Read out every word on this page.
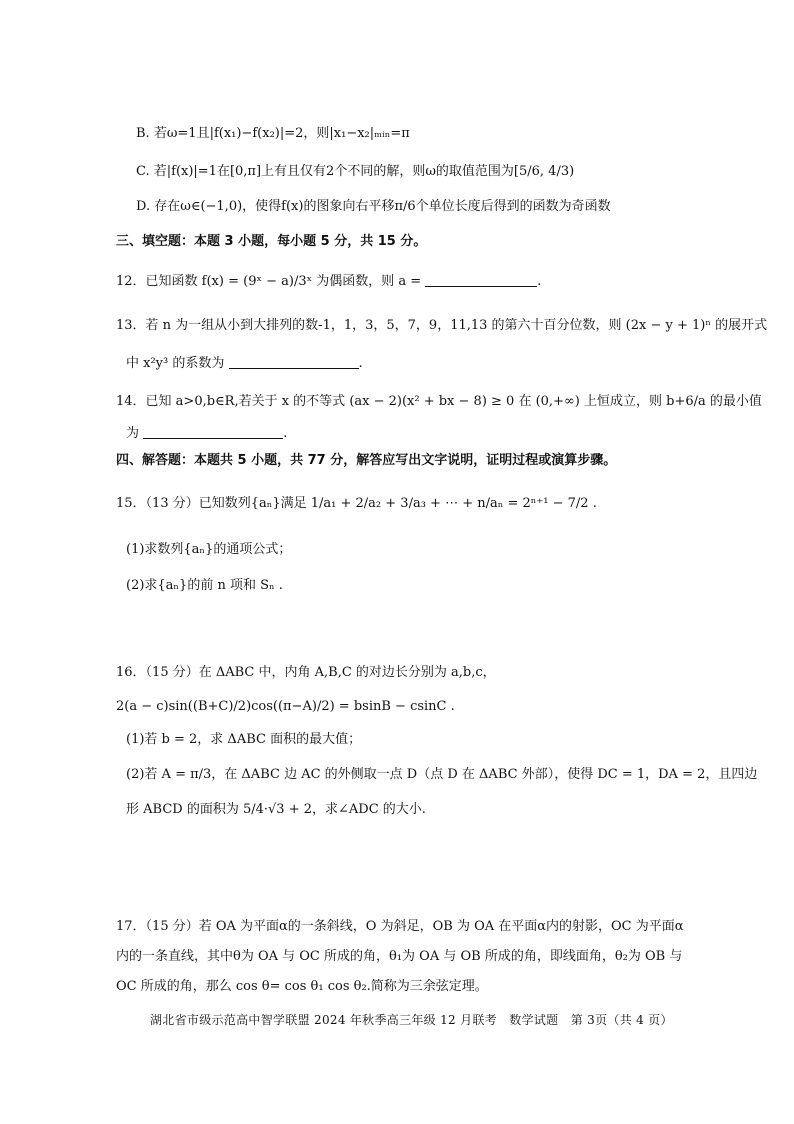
B. 若ω=1且|f(x₁)−f(x₂)|=2，则|x₁−x₂|ₘᵢₙ=π
C. 若|f(x)|=1在[0,π]上有且仅有2个不同的解，则ω的取值范围为[5/6, 4/3)
D. 存在ω∈(−1,0)，使得f(x)的图象向右平移π/6个单位长度后得到的函数为奇函数
三、填空题：本题 3 小题，每小题 5 分，共 15 分。
12．已知函数 f(x) = (9ˣ − a)/3ˣ 为偶函数，则 a =	.
13．若 n 为一组从小到大排列的数-1，1，3，5，7，9，11,13 的第六十百分位数，则 (2x − y + 1)ⁿ 的展开式
中 x²y³ 的系数为	.
14．已知 a>0,b∈R,若关于 x 的不等式 (ax − 2)(x² + bx − 8) ≥ 0 在 (0,+∞) 上恒成立，则 b+6/a 的最小值
为	.
四、解答题：本题共 5 小题，共 77 分，解答应写出文字说明，证明过程或演算步骤。
15．（13 分）已知数列{aₙ}满足 1/a₁ + 2/a₂ + 3/a₃ + ⋯ + n/aₙ = 2ⁿ⁺¹ − 7/2 .
(1)求数列{aₙ}的通项公式；
(2)求{aₙ}的前 n 项和 Sₙ .
16．（15 分）在 ΔABC 中，内角 A,B,C 的对边长分别为 a,b,c，
2(a − c)sin((B+C)/2)cos((π−A)/2) = bsinB − csinC .
(1)若 b = 2，求 ΔABC 面积的最大值；
(2)若 A = π/3，在 ΔABC 边 AC 的外侧取一点 D（点 D 在 ΔABC 外部），使得 DC = 1，DA = 2，且四边
形 ABCD 的面积为 5/4·√3 + 2，求∠ADC 的大小.
17．（15 分）若 OA 为平面α的一条斜线，O 为斜足，OB 为 OA 在平面α内的射影，OC 为平面α内的一条直线，其中θ为 OA 与 OC 所成的角，θ₁为 OA 与 OB 所成的角，即线面角，θ₂为 OB 与 OC 所成的角，那么 cos θ= cos θ₁ cos θ₂.简称为三余弦定理。
湖北省市级示范高中智学联盟 2024 年秋季高三年级 12 月联考　数学试题　第 3页（共 4 页）
